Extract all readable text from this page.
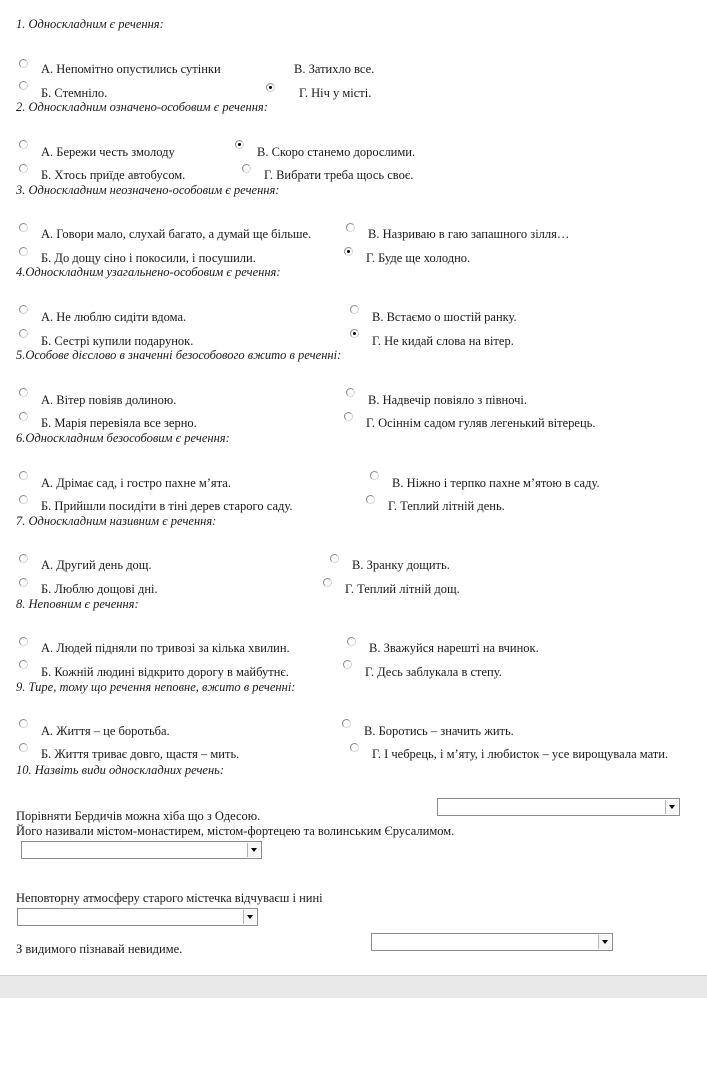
1. Односкладним є речення:
А. Непомітно опустились сутінки
Б. Стемніло.
В. Затихло все.
Г. Ніч у місті.
2. Односкладним означено-особовим є речення:
А. Бережи честь змолоду	В. Скоро станемо дорослими.
Б. Хтось приїде автобусом.	Г. Вибрати треба щось своє.
3. Односкладним неозначено-особовим є речення:
А. Говори мало, слухай багато, а думай ще більше.	В. Назриваю в гаю запашного зілля…
Б. До дощу сіно і покосили, і посушили.	Г. Буде ще холодно.
4.Односкладним узагальнено-особовим є речення:
А. Не люблю сидіти вдома.	В. Встаємо о шостій ранку.
Б. Сестрі купили подарунок.	Г. Не кидай слова на вітер.
5.Особове дієслово в значенні безособового вжито в реченні:
А. Вітер повіяв долиною.	В. Надвечір повіяло з півночі.
Б. Марія перевіяла все зерно.	Г. Осіннім садом гуляв легенький вітерець.
6.Односкладним безособовим є речення:
А. Дрімає сад, і гостро пахне м’ята.	В. Ніжно і терпко пахне м’ятою в саду.
Б. Прийшли посидіти в тіні дерев старого саду.	Г. Теплий літній день.
7. Односкладним називним є речення:
А. Другий день дощ.	В. Зранку дощить.
Б. Люблю дощові дні.	Г. Теплий літній дощ.
8. Неповним є речення:
А. Людей підняли по тривозі за кілька хвилин.	В. Зважуйся нарешті на вчинок.
Б. Кожній людині відкрито дорогу в майбутнє.	Г. Десь заблукала в степу.
9. Тире, тому що речення неповне, вжито в реченні:
А. Життя – це боротьба.	В. Боротись – значить жить.
Б. Життя триває довго, щастя – мить.	Г. І чебрець, і м’яту, і любисток – усе вирощувала мати.
10. Назвіть види односкладних речень:
Порівняти Бердичів можна хіба що з Одесою.
Його називали містом-монастирем, містом-фортецею та волинським Єрусалимом.
Неповторну атмосферу старого містечка відчуваєш і нині
З видимого пізнавай невидиме.
